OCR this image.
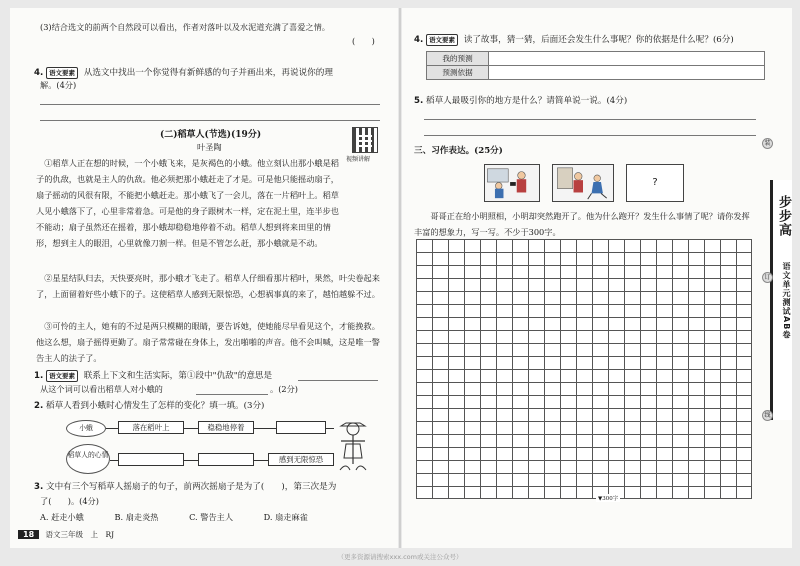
(3)结合选文的前两个自然段可以看出，作者对落叶以及水泥道充满了喜爱之情。
(　　)
4. 语文要素 从选文中找出一个你觉得有新鲜感的句子并画出来，再说说你的理
解。(4分)
(二)稻草人(节选)(19分)
叶圣陶
视频讲解
①稻草人正在想的时候，一个小蛾飞来，是灰褐色的小蛾。他立刻认出那小蛾是稻子的仇敌，也就是主人的仇敌。他必须把那小蛾赶走了才是。可是他只能摇动扇子，扇子摇动的风很有限，不能把小蛾赶走。那小蛾飞了一会儿，落在一片稻叶上。稻草人见小蛾落下了，心里非常着急。可是他的身子跟树木一样，定在泥土里，连半步也不能动；扇子虽然还在摇着，那小蛾却稳稳地停着不动。稻草人想到将来田里的情形，想到主人的眼泪，心里就像刀割一样。但是不管怎么赶，那小蛾就是不动。
②星星结队归去，天快要亮时，那小蛾才飞走了。稻草人仔细看那片稻叶，果然，叶尖卷起来了，上面留着好些小蛾下的子。这使稻草人感到无限惊恐，心想祸事真的来了，越怕越躲不过。
③可怜的主人，她有的不过是两只模糊的眼睛，要告诉她，使她能尽早看见这个，才能挽救。他这么想，扇子摇得更勤了。扇子常常碰在身体上，发出啪啪的声音。他不会叫喊，这是唯一警告主人的法子了。
1. 语文要素 联系上下文和生活实际，第①段中"仇敌"的意思是
从这个词可以看出稻草人对小蛾的	。(2分)
2. 稻草人看到小蛾时心情发生了怎样的变化？填一填。(3分)
小蛾	落在稻叶上	稳稳地停着
稻草人的心情	感到无限惊恐
3. 文中有三个写稻草人摇扇子的句子，前两次摇扇子是为了(　　)，第三次是为
了(　　)。(4分)
A. 赶走小蛾	B. 扇走炎热	C. 警告主人	D. 扇走麻雀
18 语文三年级　上　RJ
4. 语文要素 读了故事，猜一猜，后面还会发生什么事呢？你的依据是什么呢？(6分)
我的预测	
预测依据	
5. 稻草人最吸引你的地方是什么？请简单说一说。(4分)
三、习作表达。(25分)
?
哥哥正在给小明照相，小明却突然跑开了。他为什么跑开？发生什么事情了呢？请你发挥丰富的想象力，写一写。不少于300字。
▼300字
步步高
语文单元测试AB卷
装
订
线
（更多资源请搜索xxx.com或关注公众号）
